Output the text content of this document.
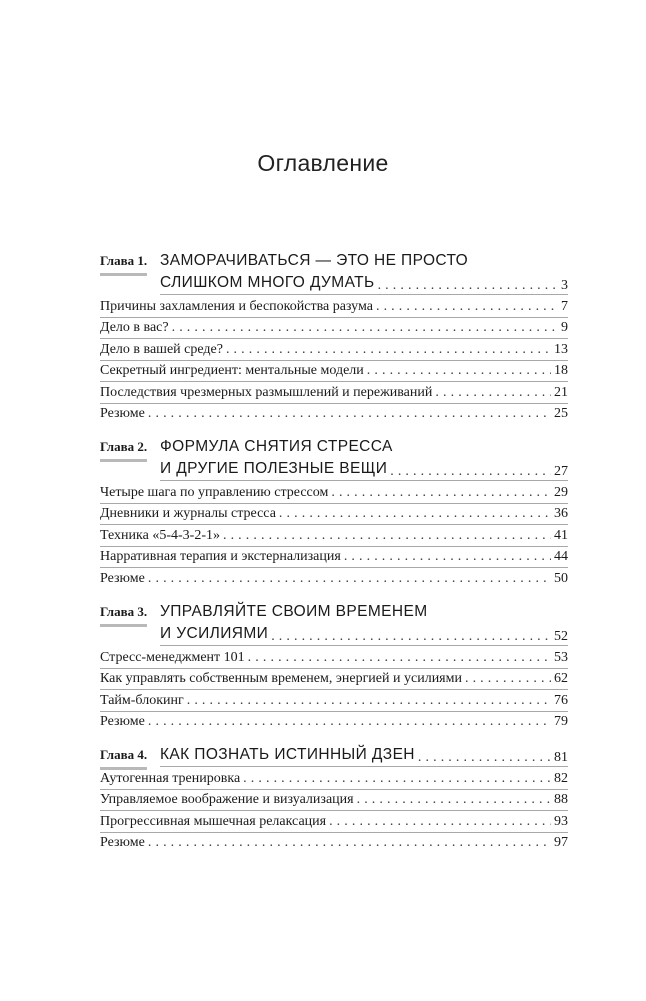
Оглавление
Глава 1. ЗАМОРАЧИВАТЬСЯ — ЭТО НЕ ПРОСТО
СЛИШКОМ МНОГО ДУМАТЬ . . .	3
Причины захламления и беспокойства разума . . .	7
Дело в вас? . . .	9
Дело в вашей среде? . . .	13
Секретный ингредиент: ментальные модели . . .	18
Последствия чрезмерных размышлений и переживаний . . .	21
Резюме . . .	25
Глава 2. ФОРМУЛА СНЯТИЯ СТРЕССА
И ДРУГИЕ ПОЛЕЗНЫЕ ВЕЩИ . . .	27
Четыре шага по управлению стрессом . . .	29
Дневники и журналы стресса . . .	36
Техника «5-4-3-2-1» . . .	41
Нарративная терапия и экстернализация . . .	44
Резюме . . .	50
Глава 3. УПРАВЛЯЙТЕ СВОИМ ВРЕМЕНЕМ
И УСИЛИЯМИ . . .	52
Стресс-менеджмент 101 . . .	53
Как управлять собственным временем, энергией и усилиями . . .	62
Тайм-блокинг . . .	76
Резюме . . .	79
Глава 4. КАК ПОЗНАТЬ ИСТИННЫЙ ДЗЕН . . .	81
Аутогенная тренировка . . .	82
Управляемое воображение и визуализация . . .	88
Прогрессивная мышечная релаксация . . .	93
Резюме . . .	97
